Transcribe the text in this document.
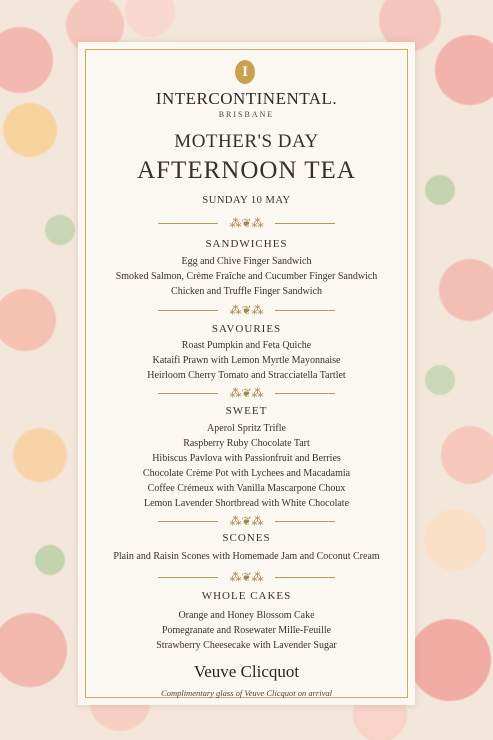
I
INTERCONTINENTAL.
BRISBANE
MOTHER'S DAY
AFTERNOON TEA
SUNDAY 10 MAY
⁂❦⁂
SANDWICHES
Egg and Chive Finger Sandwich
Smoked Salmon, Crème Fraîche and Cucumber Finger Sandwich
Chicken and Truffle Finger Sandwich
⁂❦⁂
SAVOURIES
Roast Pumpkin and Feta Quiche
Kataifi Prawn with Lemon Myrtle Mayonnaise
Heirloom Cherry Tomato and Stracciatella Tartlet
⁂❦⁂
SWEET
Aperol Spritz Trifle
Raspberry Ruby Chocolate Tart
Hibiscus Pavlova with Passionfruit and Berries
Chocolate Crème Pot with Lychees and Macadamia
Coffee Crémeux with Vanilla Mascarpone Choux
Lemon Lavender Shortbread with White Chocolate
⁂❦⁂
SCONES
Plain and Raisin Scones with Homemade Jam and Coconut Cream
⁂❦⁂
WHOLE CAKES
Orange and Honey Blossom Cake
Pomegranate and Rosewater Mille-Feuille
Strawberry Cheesecake with Lavender Sugar
Veuve Clicquot
Complimentary glass of Veuve Clicquot on arrival
